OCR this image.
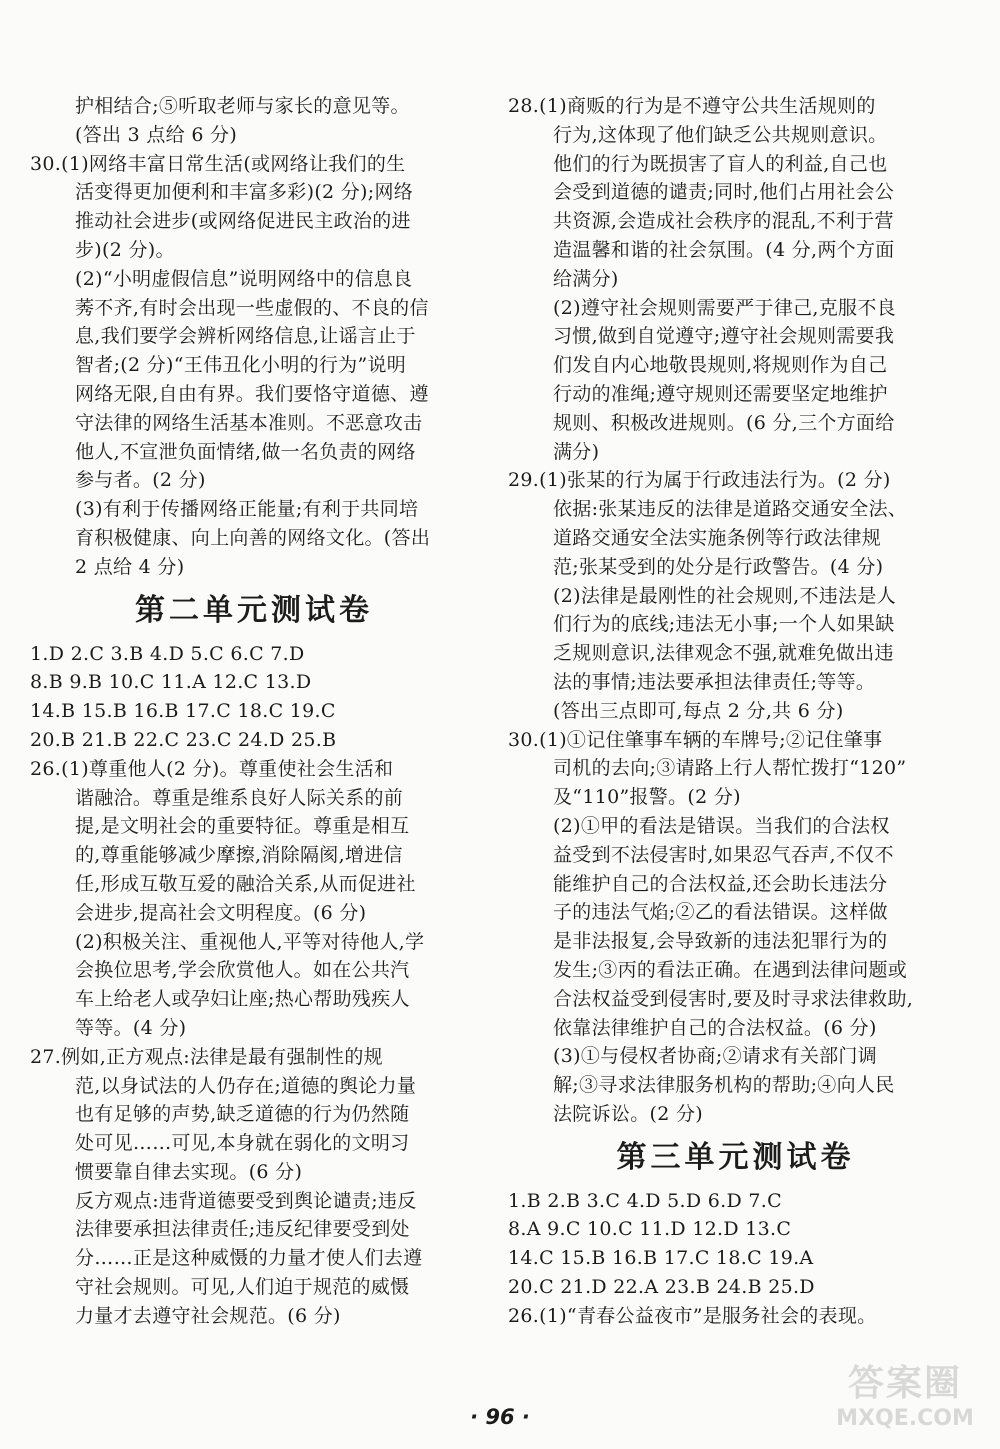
护相结合;⑤听取老师与家长的意见等。
(答出 3 点给 6 分)
30.(1)网络丰富日常生活(或网络让我们的生
活变得更加便利和丰富多彩)(2 分);网络
推动社会进步(或网络促进民主政治的进
步)(2 分)。
(2)“小明虚假信息”说明网络中的信息良
莠不齐,有时会出现一些虚假的、不良的信
息,我们要学会辨析网络信息,让谣言止于
智者;(2 分)“王伟丑化小明的行为”说明
网络无限,自由有界。我们要恪守道德、遵
守法律的网络生活基本准则。不恶意攻击
他人,不宣泄负面情绪,做一名负责的网络
参与者。(2 分)
(3)有利于传播网络正能量;有利于共同培
育积极健康、向上向善的网络文化。(答出
2 点给 4 分)
第二单元测试卷
1.D 2.C 3.B 4.D 5.C 6.C 7.D
8.B 9.B 10.C 11.A 12.C 13.D
14.B 15.B 16.B 17.C 18.C 19.C
20.B 21.B 22.C 23.C 24.D 25.B
26.(1)尊重他人(2 分)。尊重使社会生活和
谐融洽。尊重是维系良好人际关系的前
提,是文明社会的重要特征。尊重是相互
的,尊重能够减少摩擦,消除隔阂,增进信
任,形成互敬互爱的融洽关系,从而促进社
会进步,提高社会文明程度。(6 分)
(2)积极关注、重视他人,平等对待他人,学
会换位思考,学会欣赏他人。如在公共汽
车上给老人或孕妇让座;热心帮助残疾人
等等。(4 分)
27.例如,正方观点:法律是最有强制性的规
范,以身试法的人仍存在;道德的舆论力量
也有足够的声势,缺乏道德的行为仍然随
处可见……可见,本身就在弱化的文明习
惯要靠自律去实现。(6 分)
反方观点:违背道德要受到舆论谴责;违反
法律要承担法律责任;违反纪律要受到处
分……正是这种威慑的力量才使人们去遵
守社会规则。可见,人们迫于规范的威慑
力量才去遵守社会规范。(6 分)
28.(1)商贩的行为是不遵守公共生活规则的
行为,这体现了他们缺乏公共规则意识。
他们的行为既损害了盲人的利益,自己也
会受到道德的谴责;同时,他们占用社会公
共资源,会造成社会秩序的混乱,不利于营
造温馨和谐的社会氛围。(4 分,两个方面
给满分)
(2)遵守社会规则需要严于律己,克服不良
习惯,做到自觉遵守;遵守社会规则需要我
们发自内心地敬畏规则,将规则作为自己
行动的准绳;遵守规则还需要坚定地维护
规则、积极改进规则。(6 分,三个方面给
满分)
29.(1)张某的行为属于行政违法行为。(2 分)
依据:张某违反的法律是道路交通安全法、
道路交通安全法实施条例等行政法律规
范;张某受到的处分是行政警告。(4 分)
(2)法律是最刚性的社会规则,不违法是人
们行为的底线;违法无小事;一个人如果缺
乏规则意识,法律观念不强,就难免做出违
法的事情;违法要承担法律责任;等等。
(答出三点即可,每点 2 分,共 6 分)
30.(1)①记住肇事车辆的车牌号;②记住肇事
司机的去向;③请路上行人帮忙拨打“120”
及“110”报警。(2 分)
(2)①甲的看法是错误。当我们的合法权
益受到不法侵害时,如果忍气吞声,不仅不
能维护自己的合法权益,还会助长违法分
子的违法气焰;②乙的看法错误。这样做
是非法报复,会导致新的违法犯罪行为的
发生;③丙的看法正确。在遇到法律问题或
合法权益受到侵害时,要及时寻求法律救助,
依靠法律维护自己的合法权益。(6 分)
(3)①与侵权者协商;②请求有关部门调
解;③寻求法律服务机构的帮助;④向人民
法院诉讼。(2 分)
第三单元测试卷
1.B 2.B 3.C 4.D 5.D 6.D 7.C
8.A 9.C 10.C 11.D 12.D 13.C
14.C 15.B 16.B 17.C 18.C 19.A
20.C 21.D 22.A 23.B 24.B 25.D
26.(1)“青春公益夜市”是服务社会的表现。
· 96 ·
答案圈
MXQE.COM
